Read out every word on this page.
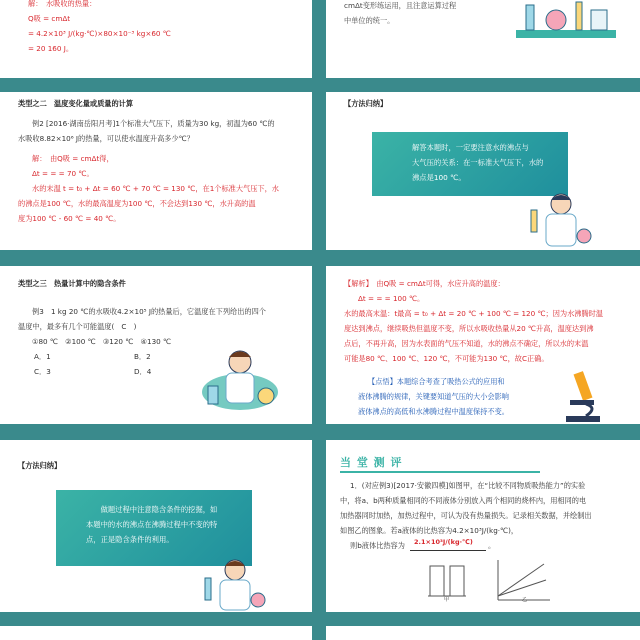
解：　水吸收的热量：
Q吸 = cmΔt
= 4.2×10³ J/(kg·℃)×80×10⁻³ kg×60 ℃
= 20 160 J。
cmΔt变形练运用，且注意运算过程
中单位的统一。
类型之二　温度变化量或质量的计算
例2 [2016·湖南岳阳月考]1个标准大气压下，质量为30 kg，初温为60 ℃的
水吸收8.82×10⁶ J的热量，可以使水温度升高多少℃？
解：　由Q吸 = cmΔt得，
Δt = = = 70 ℃。
水的末温 t = t₀ + Δt = 60 ℃ + 70 ℃ = 130 ℃，在1个标准大气压下，水
的沸点是100 ℃，水的最高温度为100 ℃，不会达到130 ℃，水升高的温
度为100 ℃ - 60 ℃ = 40 ℃。
【方法归纳】
解答本题时，一定要注意水的沸点与
大气压的关系：在一标准大气压下，水的
沸点是100 ℃。
类型之三　热量计算中的隐含条件
例3　1 kg 20 ℃的水吸收4.2×10⁵ J的热量后，它温度在下列给出的四个
温度中，最多有几个可能温度(　C　)
①80 ℃　②100 ℃　③120 ℃　④130 ℃
A．1	B．2
C．3	D．4
【解析】　由Q吸 = cmΔt可得，水应升高的温度：
Δt = = = 100 ℃。
水的最高末温：t最高 = t₀ + Δt = 20 ℃ + 100 ℃ = 120 ℃；因为水沸腾时温
度达到沸点，继续吸热但温度不变，所以水吸收热量从20 ℃升高，温度达到沸
点后，不再升高，因为水表面的气压不知道，水的沸点不确定，所以水的末温
可能是80 ℃、100 ℃、120 ℃，不可能为130 ℃，故C正确。
【点悟】本题综合考查了吸热公式的应用和
液体沸腾的规律，关键要知道气压的大小会影响
液体沸点的高低和水沸腾过程中温度保持不变。
【方法归纳】
　　做题过程中注意隐含条件的挖掘，如
本题中的水的沸点在沸腾过程中不变的特
点，正是隐含条件的利用。
当 堂 测 评
1．(对应例3)[2017·安徽四模]如图甲，在“比较不同物质吸热能力”的实验
中，将a、b两种质量相同的不同液体分别放入两个相同的烧杯内，用相同的电
加热器同时加热，加热过程中，可认为没有热量损失。记录相关数据，并绘制出
如图乙的图象。若a液体的比热容为4.2×10³J/(kg·℃)，
则b液体比热容为 2.1×10³J/(kg·℃) 。
甲	乙
